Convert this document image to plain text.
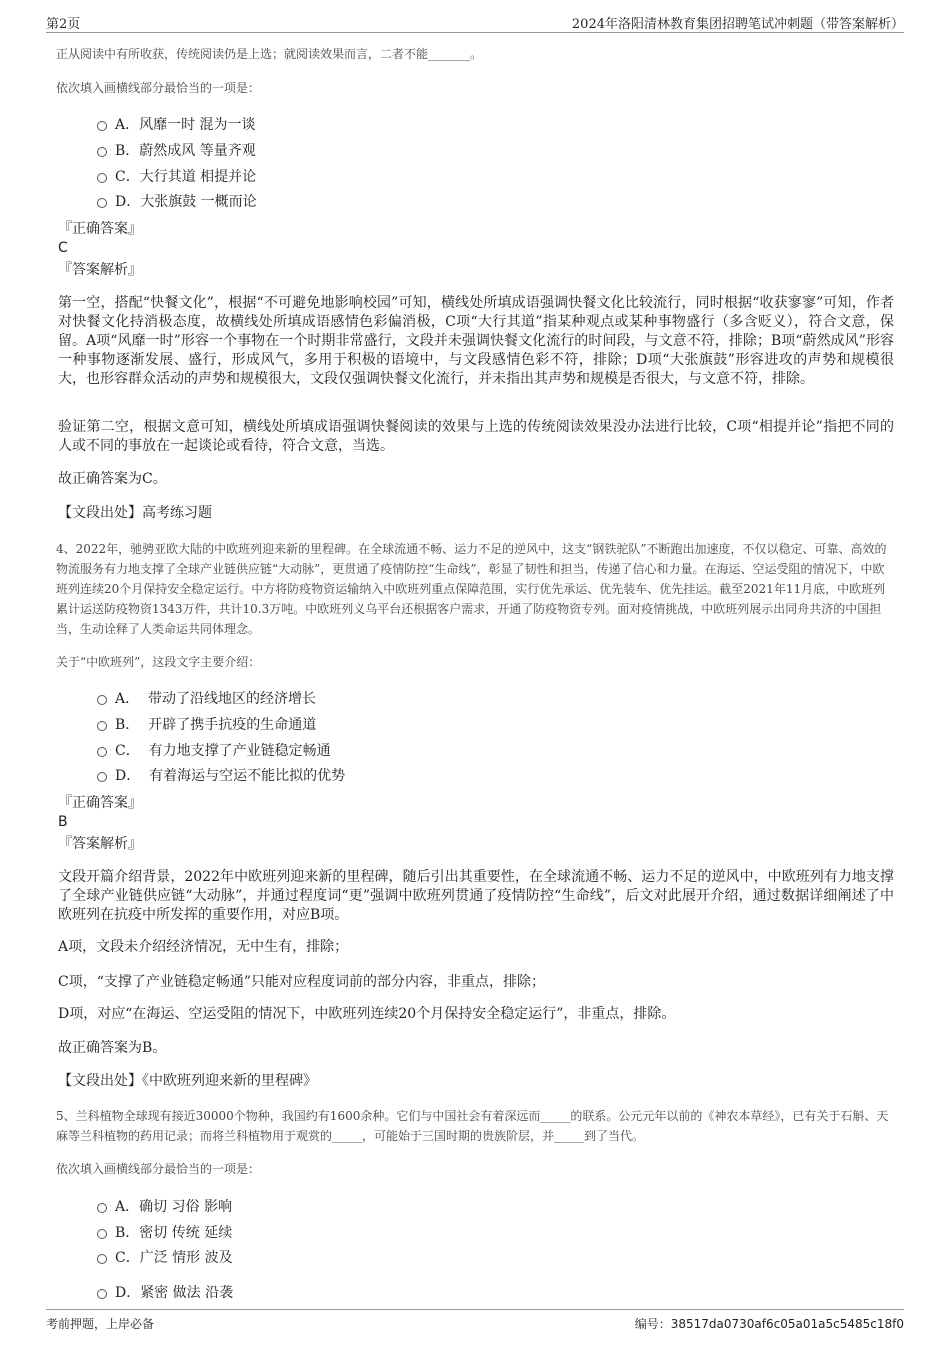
第2页	2024年洛阳清林教育集团招聘笔试冲刺题（带答案解析）
正从阅读中有所收获，传统阅读仍是上选；就阅读效果而言，二者不能_______。
依次填入画横线部分最恰当的一项是：
A．风靡一时 混为一谈
B．蔚然成风 等量齐观
C．大行其道 相提并论
D．大张旗鼓 一概而论
『正确答案』
C
『答案解析』
第一空，搭配“快餐文化”，根据“不可避免地影响校园”可知，横线处所填成语强调快餐文化比较流行，同时根据“收获寥寥”可知，作者对快餐文化持消极态度，故横线处所填成语感情色彩偏消极，C项“大行其道”指某种观点或某种事物盛行（多含贬义），符合文意，保留。A项“风靡一时”形容一个事物在一个时期非常盛行，文段并未强调快餐文化流行的时间段，与文意不符，排除；B项“蔚然成风”形容一种事物逐渐发展、盛行，形成风气，多用于积极的语境中，与文段感情色彩不符，排除；D项“大张旗鼓”形容进攻的声势和规模很大，也形容群众活动的声势和规模很大，文段仅强调快餐文化流行，并未指出其声势和规模是否很大，与文意不符，排除。
验证第二空，根据文意可知，横线处所填成语强调快餐阅读的效果与上选的传统阅读效果没办法进行比较，C项“相提并论”指把不同的人或不同的事放在一起谈论或看待，符合文意，当选。
故正确答案为C。
【文段出处】高考练习题
4、2022年，驰骋亚欧大陆的中欧班列迎来新的里程碑。在全球流通不畅、运力不足的逆风中，这支“钢铁驼队”不断跑出加速度，不仅以稳定、可靠、高效的物流服务有力地支撑了全球产业链供应链“大动脉”，更贯通了疫情防控“生命线”，彰显了韧性和担当，传递了信心和力量。在海运、空运受阻的情况下，中欧班列连续20个月保持安全稳定运行。中方将防疫物资运输纳入中欧班列重点保障范围，实行优先承运、优先装车、优先挂运。截至2021年11月底，中欧班列累计运送防疫物资1343万件，共计10.3万吨。中欧班列义乌平台还根据客户需求，开通了防疫物资专列。面对疫情挑战，中欧班列展示出同舟共济的中国担当，生动诠释了人类命运共同体理念。
关于“中欧班列”，这段文字主要介绍：
A．  带动了沿线地区的经济增长
B．  开辟了携手抗疫的生命通道
C．  有力地支撑了产业链稳定畅通
D．  有着海运与空运不能比拟的优势
『正确答案』
B
『答案解析』
文段开篇介绍背景，2022年中欧班列迎来新的里程碑，随后引出其重要性，在全球流通不畅、运力不足的逆风中，中欧班列有力地支撑了全球产业链供应链“大动脉”，并通过程度词“更”强调中欧班列贯通了疫情防控“生命线”，后文对此展开介绍，通过数据详细阐述了中欧班列在抗疫中所发挥的重要作用，对应B项。
A项，文段未介绍经济情况，无中生有，排除；
C项，“支撑了产业链稳定畅通”只能对应程度词前的部分内容，非重点，排除；
D项，对应“在海运、空运受阻的情况下，中欧班列连续20个月保持安全稳定运行”，非重点，排除。
故正确答案为B。
【文段出处】《中欧班列迎来新的里程碑》
5、兰科植物全球现有接近30000个物种，我国约有1600余种。它们与中国社会有着深远而_____的联系。公元元年以前的《神农本草经》，已有关于石斛、天麻等兰科植物的药用记录；而将兰科植物用于观赏的_____，可能始于三国时期的贵族阶层，并_____到了当代。
依次填入画横线部分最恰当的一项是：
A．确切 习俗 影响
B．密切 传统 延续
C．广泛 情形 波及
D．紧密 做法 沿袭
考前押题，上岸必备	编号：38517da0730af6c05a01a5c5485c18f0
